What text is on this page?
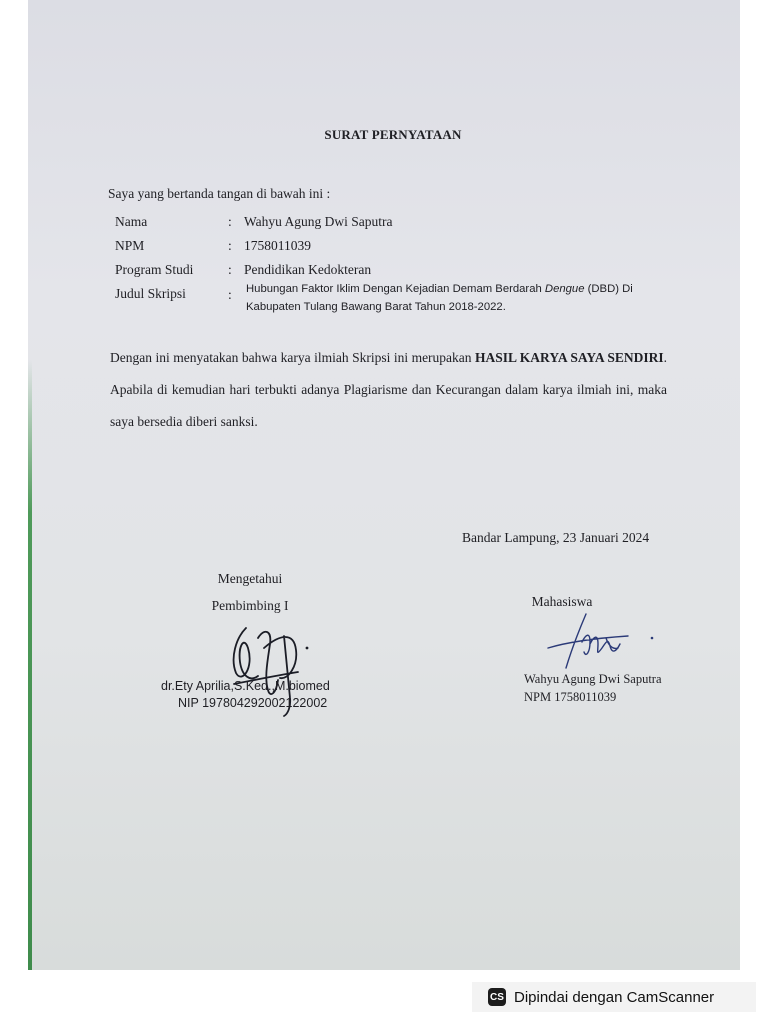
SURAT PERNYATAAN
Saya yang bertanda tangan di bawah ini :
Nama	: Wahyu Agung Dwi Saputra
NPM	: 1758011039
Program Studi	: Pendidikan Kedokteran
Judul Skripsi	: Hubungan Faktor Iklim Dengan Kejadian Demam Berdarah Dengue (DBD) Di Kabupaten Tulang Bawang Barat Tahun 2018-2022.
Dengan ini menyatakan bahwa karya ilmiah Skripsi ini merupakan HASIL KARYA SAYA SENDIRI. Apabila di kemudian hari terbukti adanya Plagiarisme dan Kecurangan dalam karya ilmiah ini, maka saya bersedia diberi sanksi.
Bandar Lampung, 23 Januari 2024
Mengetahui
Pembimbing I
dr.Ety Aprilia,S.Ked.,M.biomed
NIP 197804292002122002
Mahasiswa
Wahyu Agung Dwi Saputra
NPM 1758011039
CS Dipindai dengan CamScanner
